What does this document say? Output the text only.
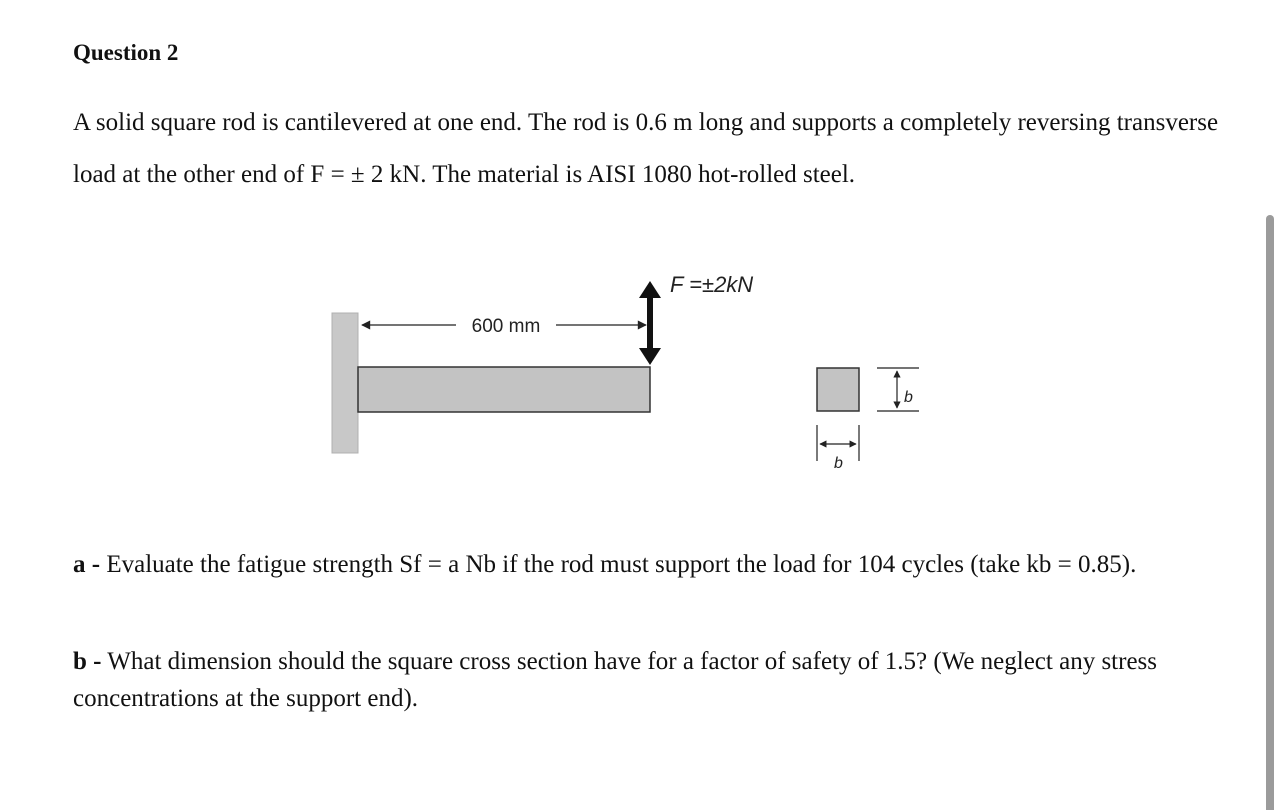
Question 2

A solid square rod is cantilevered at one end. The rod is 0.6 m long and supports a completely reversing transverse load at the other end of F = ± 2 kN. The material is AISI 1080 hot-rolled steel.

600 mm
F =±2kN
b
b

a - Evaluate the fatigue strength Sf = a Nb if the rod must support the load for 104 cycles (take kb = 0.85).

b - What dimension should the square cross section have for a factor of safety of 1.5? (We neglect any stress concentrations at the support end).
